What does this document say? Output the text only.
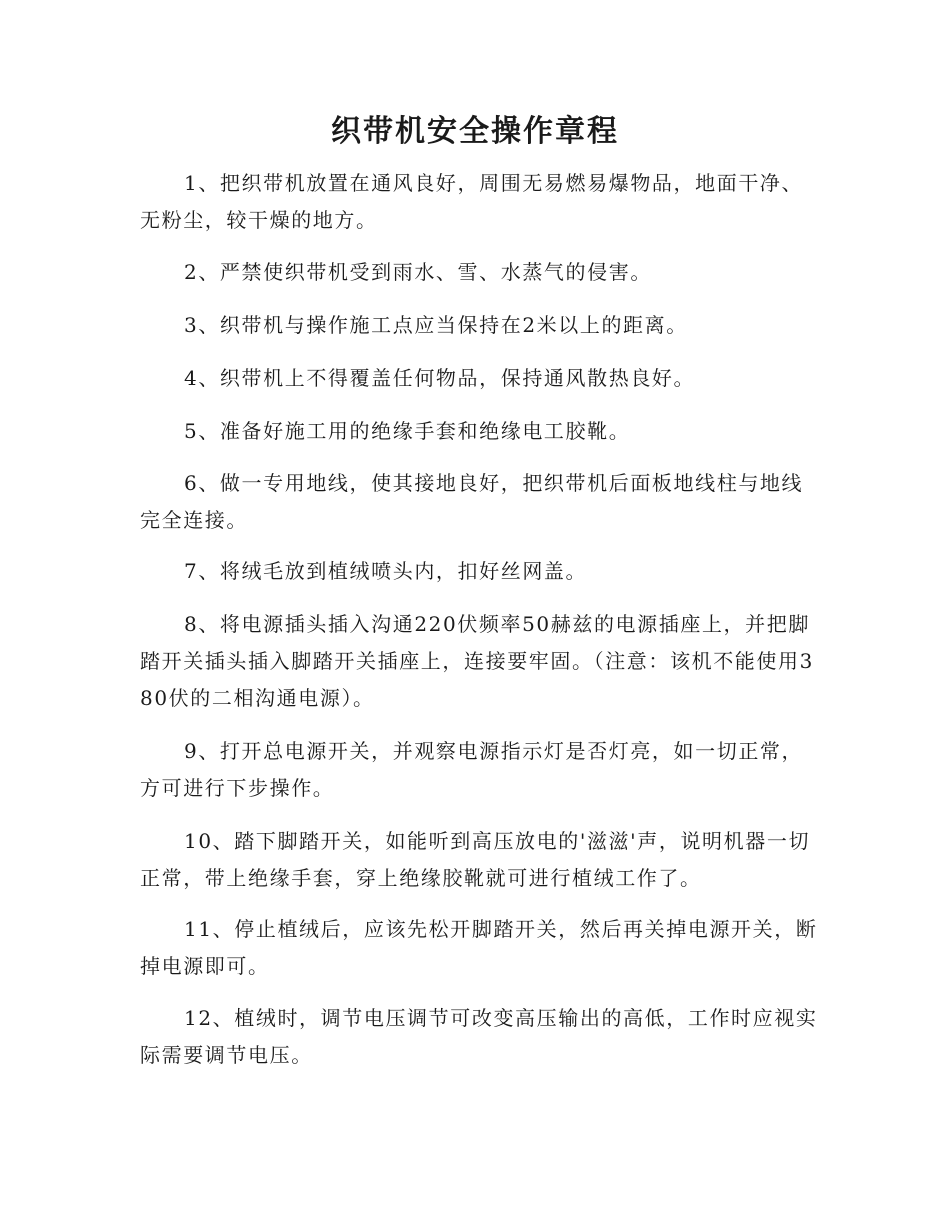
织带机安全操作章程

1、把织带机放置在通风良好，周围无易燃易爆物品，地面干净、无粉尘，较干燥的地方。

2、严禁使织带机受到雨水、雪、水蒸气的侵害。

3、织带机与操作施工点应当保持在2米以上的距离。

4、织带机上不得覆盖任何物品，保持通风散热良好。

5、准备好施工用的绝缘手套和绝缘电工胶靴。

6、做一专用地线，使其接地良好，把织带机后面板地线柱与地线完全连接。

7、将绒毛放到植绒喷头内，扣好丝网盖。

8、将电源插头插入沟通220伏频率50赫兹的电源插座上，并把脚踏开关插头插入脚踏开关插座上，连接要牢固。（注意：该机不能使用380伏的二相沟通电源）。

9、打开总电源开关，并观察电源指示灯是否灯亮，如一切正常，方可进行下步操作。

10、踏下脚踏开关，如能听到高压放电的'滋滋'声，说明机器一切正常，带上绝缘手套，穿上绝缘胶靴就可进行植绒工作了。

11、停止植绒后，应该先松开脚踏开关，然后再关掉电源开关，断掉电源即可。

12、植绒时，调节电压调节可改变高压输出的高低，工作时应视实际需要调节电压。
